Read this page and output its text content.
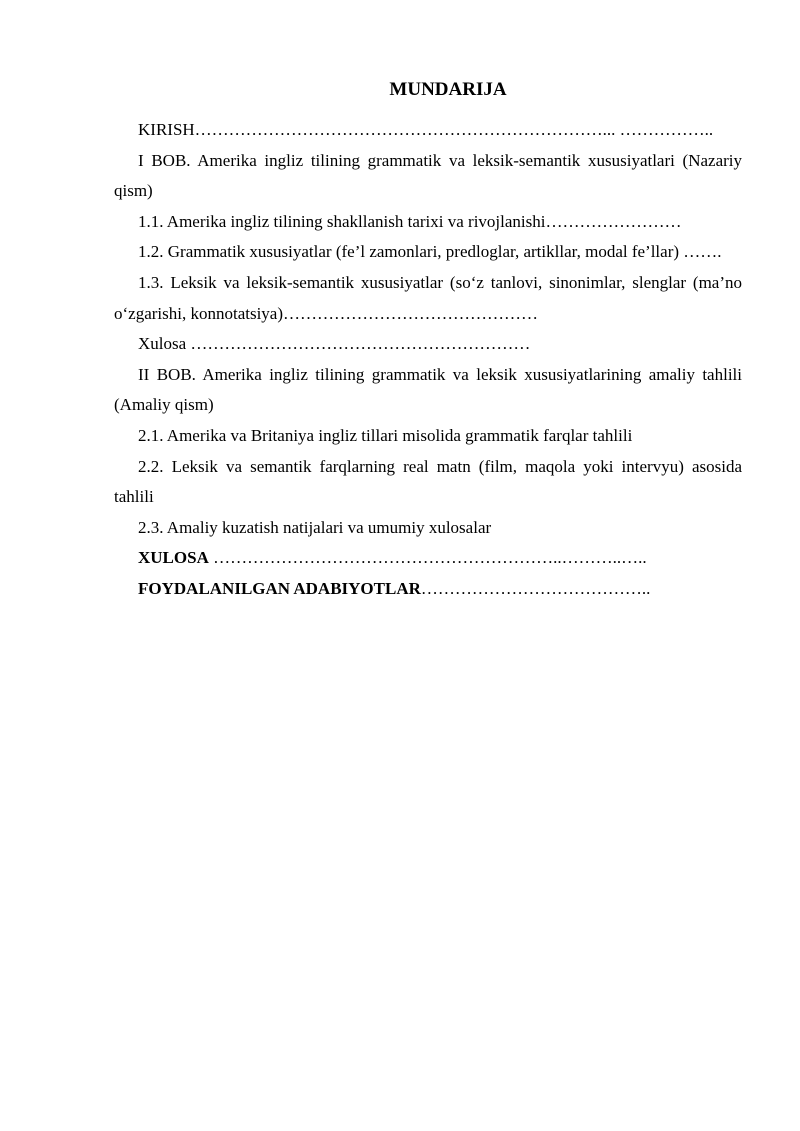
MUNDARIJA

KIRISH………………………………………………………………... ……………..

I BOB. Amerika ingliz tilining grammatik va leksik-semantik xususiyatlari (Nazariy qism)

1.1. Amerika ingliz tilining shakllanish tarixi va rivojlanishi……………………

1.2. Grammatik xususiyatlar (fe’l zamonlari, predloglar, artikllar, modal fe’llar) …….

1.3. Leksik va leksik-semantik xususiyatlar (so‘z tanlovi, sinonimlar, slenglar (ma’no o‘zgarishi, konnotatsiya)………………………………………

Xulosa ……………………………………………………

II BOB. Amerika ingliz tilining grammatik va leksik xususiyatlarining amaliy tahlili (Amaliy qism)

2.1. Amerika va Britaniya ingliz tillari misolida grammatik farqlar tahlili

2.2. Leksik va semantik farqlarning real matn (film, maqola yoki intervyu) asosida tahlili

2.3. Amaliy kuzatish natijalari va umumiy xulosalar

XULOSA ……………………………………………………..………..…..

FOYDALANILGAN ADABIYOTLAR…………………………………..
